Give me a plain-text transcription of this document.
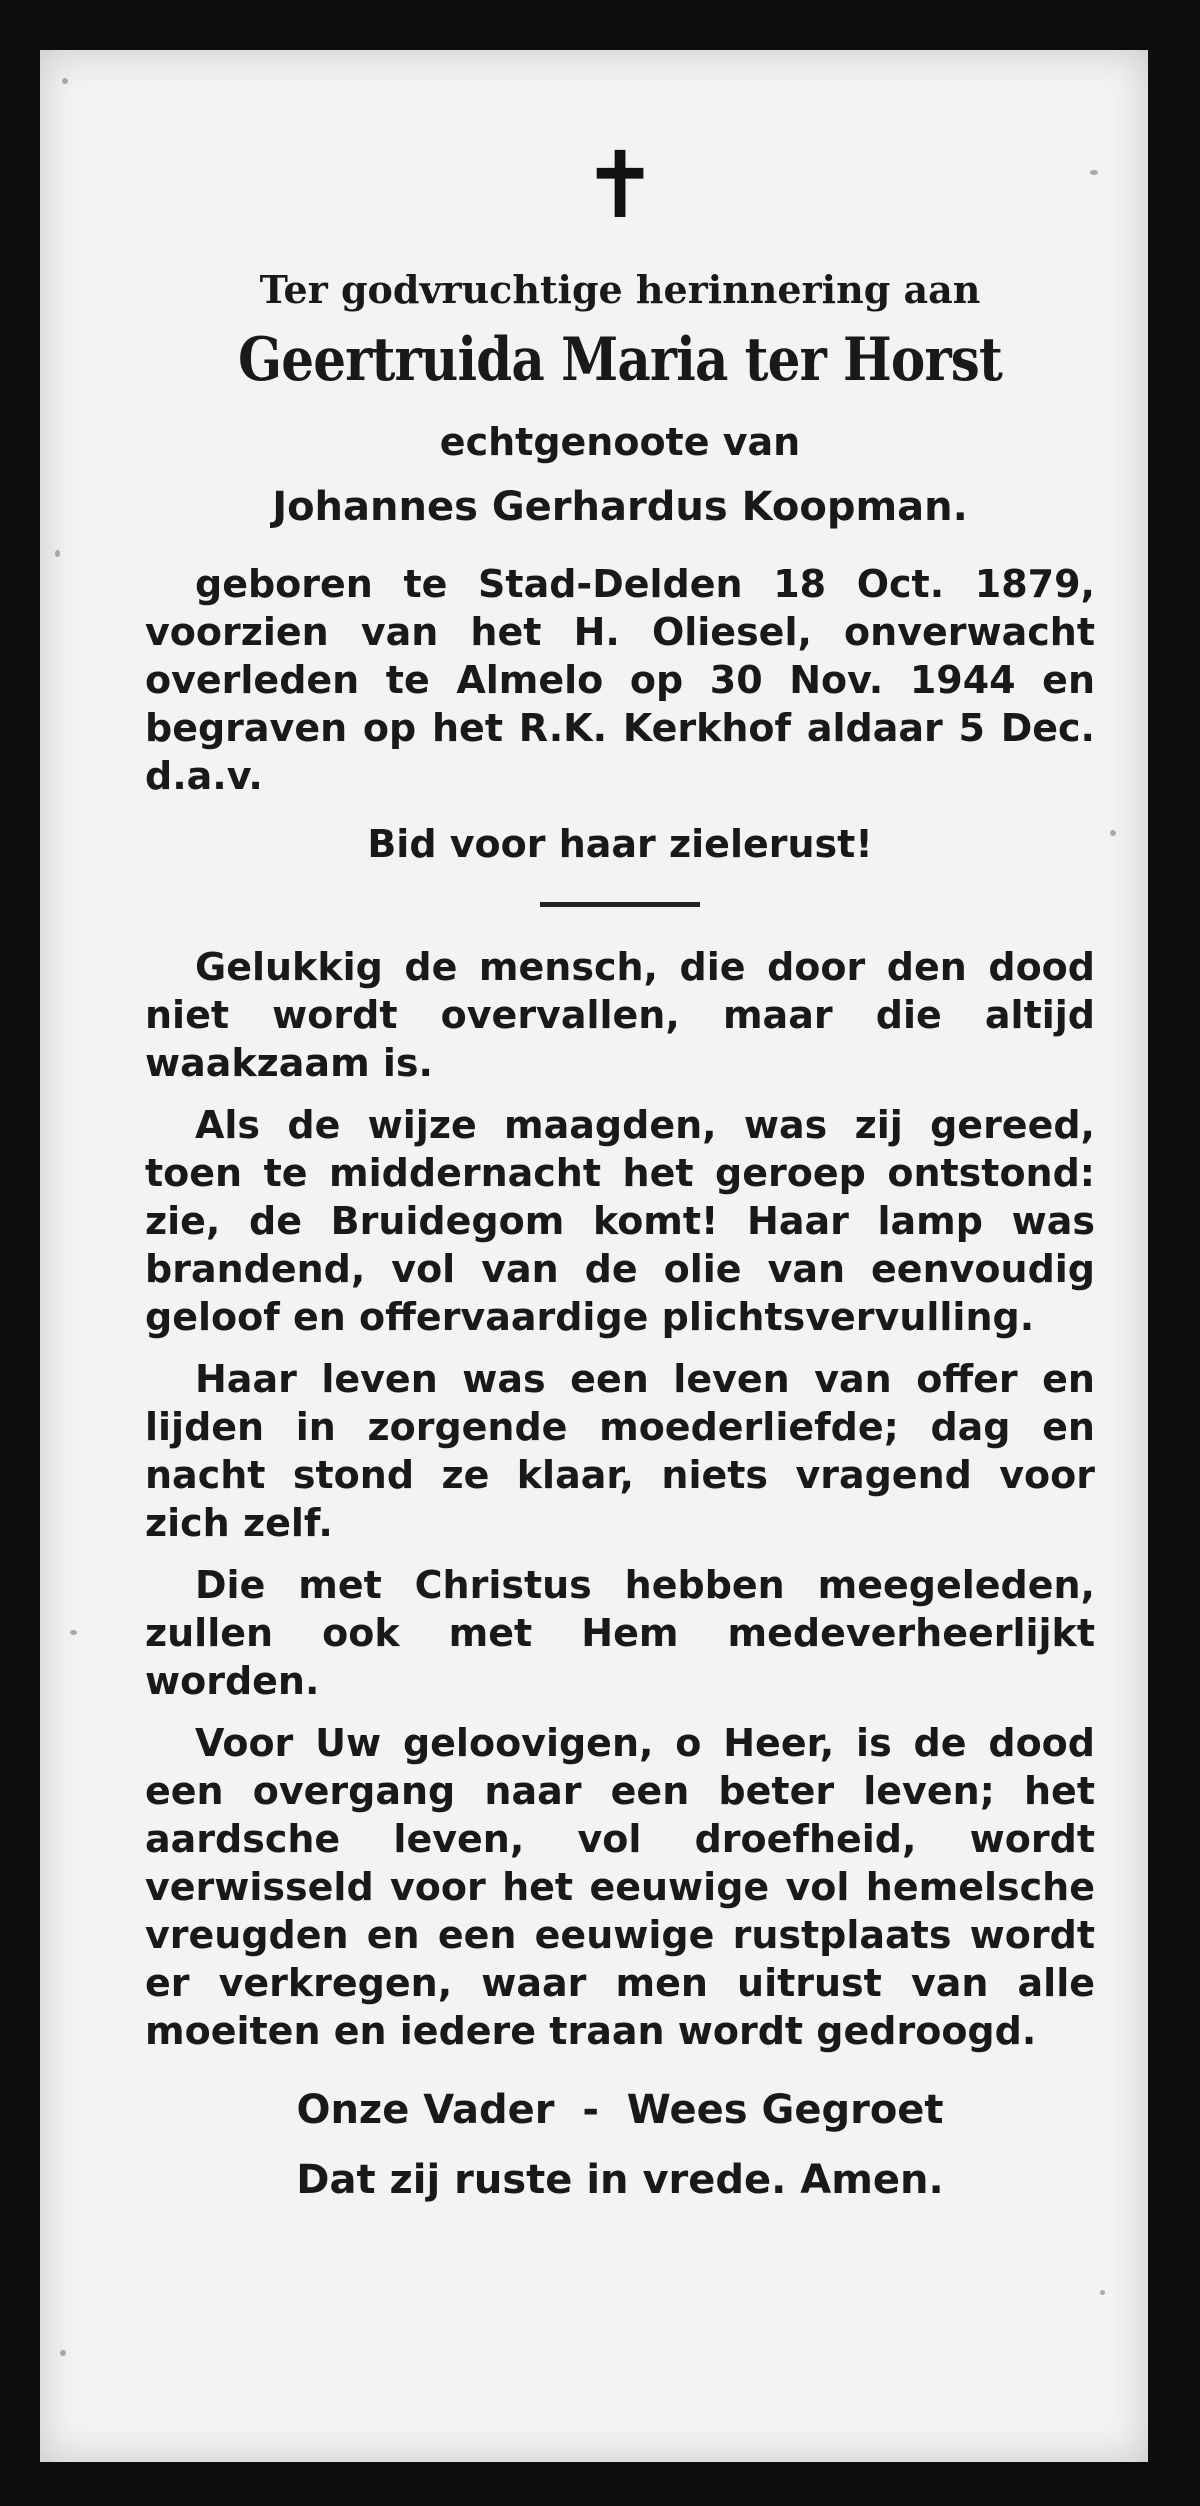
✝
Ter godvruchtige herinnering aan
Geertruida Maria ter Horst
echtgenoote van
Johannes Gerhardus Koopman.

geboren te Stad-Delden 18 Oct. 1879, voorzien van het H. Oliesel, onverwacht overleden te Almelo op 30 Nov. 1944 en begraven op het R.K. Kerkhof aldaar 5 Dec. d.a.v.

Bid voor haar zielerust!

Gelukkig de mensch, die door den dood niet wordt overvallen, maar die altijd waakzaam is.

Als de wijze maagden, was zij gereed, toen te middernacht het geroep ontstond: zie, de Bruidegom komt! Haar lamp was brandend, vol van de olie van eenvoudig geloof en offervaardige plichtsvervulling.

Haar leven was een leven van offer en lijden in zorgende moederliefde; dag en nacht stond ze klaar, niets vragend voor zich zelf.

Die met Christus hebben meegeleden, zullen ook met Hem medeverheerlijkt worden.

Voor Uw geloovigen, o Heer, is de dood een overgang naar een beter leven; het aardsche leven, vol droefheid, wordt verwisseld voor het eeuwige vol hemelsche vreugden en een eeuwige rustplaats wordt er verkregen, waar men uitrust van alle moeiten en iedere traan wordt gedroogd.

Onze Vader  -  Wees Gegroet
Dat zij ruste in vrede. Amen.
